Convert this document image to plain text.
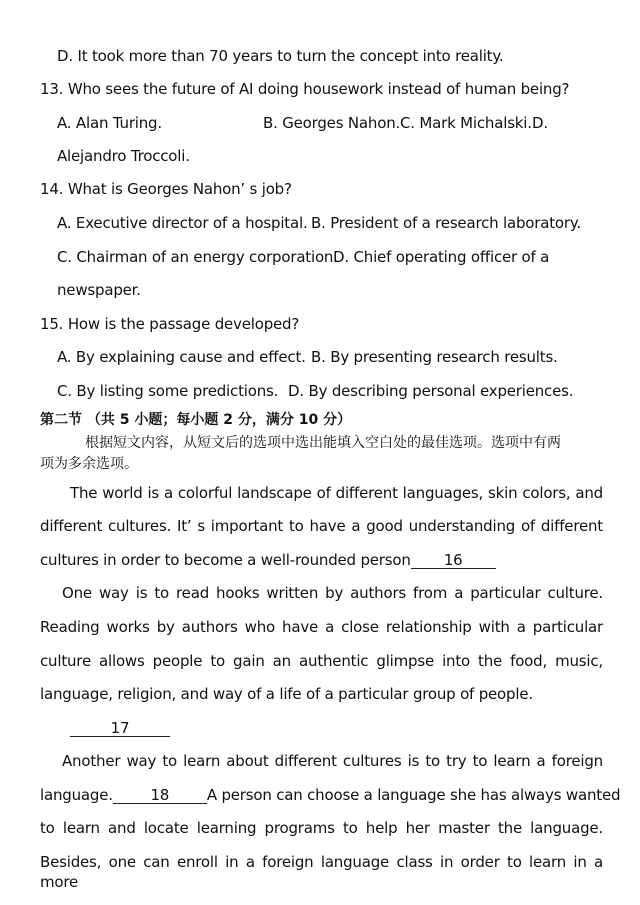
D. It took more than 70 years to turn the concept into reality.
13. Who sees the future of AI doing housework instead of human being?
A. Alan Turing.	B. Georges Nahon. C. Mark Michalski. D.
Alejandro Troccoli.
14. What is Georges Nahon’ s job?
A. Executive director of a hospital. B. President of a research laboratory.
C. Chairman of an energy corporation.
D. Chief operating officer of a
newspaper.
15. How is the passage developed?
A. By explaining cause and effect. B. By presenting research results.
C. By listing some predictions. D. By describing personal experiences.
第二节 （共 5 小题；每小题 2 分，满分 10 分）
根据短文内容，从短文后的选项中选出能填入空白处的最佳选项。选项中有两
项为多余选项。
The world is a colorful landscape of different languages, skin colors, and
different cultures. It’ s important to have a good understanding of different
cultures in order to become a well-rounded person 16
One way is to read hooks written by authors from a particular culture.
Reading works by authors who have a close relationship with a particular
culture allows people to gain an authentic glimpse into the food, music,
language, religion, and way of a life of a particular group of people.
17
Another way to learn about different cultures is to try to learn a foreign
language.	18	A person can choose a language she has always wanted
to learn and locate learning programs to help her master the language.
Besides, one can enroll in a foreign language class in order to learn in a more
